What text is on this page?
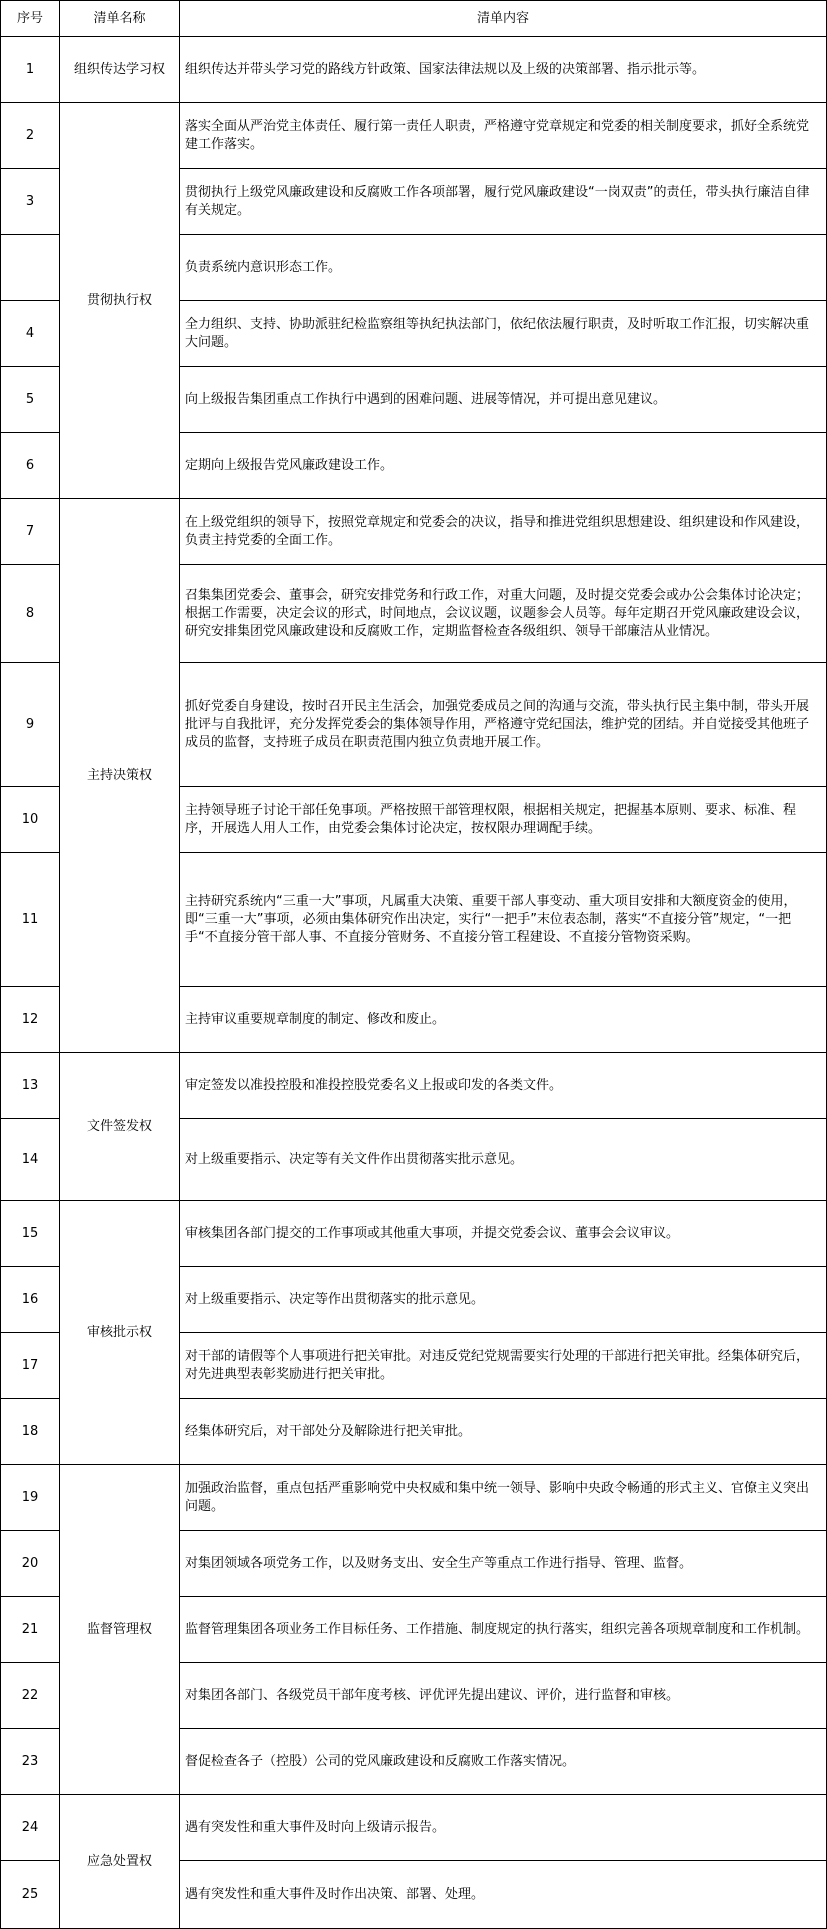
序号	清单名称	清单内容
1	组织传达学习权	组织传达并带头学习党的路线方针政策、国家法律法规以及上级的决策部署、指示批示等。
2	贯彻执行权	落实全面从严治党主体责任、履行第一责任人职责，严格遵守党章规定和党委的相关制度要求，抓好全系统党建工作落实。
3		贯彻执行上级党风廉政建设和反腐败工作各项部署，履行党风廉政建设“一岗双责”的责任，带头执行廉洁自律有关规定。
		负责系统内意识形态工作。
4		全力组织、支持、协助派驻纪检监察组等执纪执法部门，依纪依法履行职责，及时听取工作汇报，切实解决重大问题。
5		向上级报告集团重点工作执行中遇到的困难问题、进展等情况，并可提出意见建议。
6		定期向上级报告党风廉政建设工作。
7	主持决策权	在上级党组织的领导下，按照党章规定和党委会的决议，指导和推进党组织思想建设、组织建设和作风建设，负责主持党委的全面工作。
8		召集集团党委会、董事会，研究安排党务和行政工作，对重大问题，及时提交党委会或办公会集体讨论决定；根据工作需要，决定会议的形式，时间地点，会议议题，议题参会人员等。每年定期召开党风廉政建设会议，研究安排集团党风廉政建设和反腐败工作，定期监督检查各级组织、领导干部廉洁从业情况。
9		抓好党委自身建设，按时召开民主生活会，加强党委成员之间的沟通与交流，带头执行民主集中制，带头开展批评与自我批评，充分发挥党委会的集体领导作用，严格遵守党纪国法，维护党的团结。并自觉接受其他班子成员的监督，支持班子成员在职责范围内独立负责地开展工作。
10		主持领导班子讨论干部任免事项。严格按照干部管理权限，根据相关规定，把握基本原则、要求、标准、程序，开展选人用人工作，由党委会集体讨论决定，按权限办理调配手续。
11		主持研究系统内“三重一大”事项，凡属重大决策、重要干部人事变动、重大项目安排和大额度资金的使用，即“三重一大”事项，必须由集体研究作出决定，实行“一把手”末位表态制，落实“不直接分管”规定，“一把手“不直接分管干部人事、不直接分管财务、不直接分管工程建设、不直接分管物资采购。
12		主持审议重要规章制度的制定、修改和废止。
13	文件签发权	审定签发以准投控股和准投控股党委名义上报或印发的各类文件。
14		对上级重要指示、决定等有关文件作出贯彻落实批示意见。
15	审核批示权	审核集团各部门提交的工作事项或其他重大事项，并提交党委会议、董事会会议审议。
16		对上级重要指示、决定等作出贯彻落实的批示意见。
17		对干部的请假等个人事项进行把关审批。对违反党纪党规需要实行处理的干部进行把关审批。经集体研究后，对先进典型表彰奖励进行把关审批。
18		经集体研究后，对干部处分及解除进行把关审批。
19	监督管理权	加强政治监督，重点包括严重影响党中央权威和集中统一领导、影响中央政令畅通的形式主义、官僚主义突出问题。
20		对集团领域各项党务工作，以及财务支出、安全生产等重点工作进行指导、管理、监督。
21		监督管理集团各项业务工作目标任务、工作措施、制度规定的执行落实，组织完善各项规章制度和工作机制。
22		对集团各部门、各级党员干部年度考核、评优评先提出建议、评价，进行监督和审核。
23		督促检查各子（控股）公司的党风廉政建设和反腐败工作落实情况。
24	应急处置权	遇有突发性和重大事件及时向上级请示报告。
25		遇有突发性和重大事件及时作出决策、部署、处理。
